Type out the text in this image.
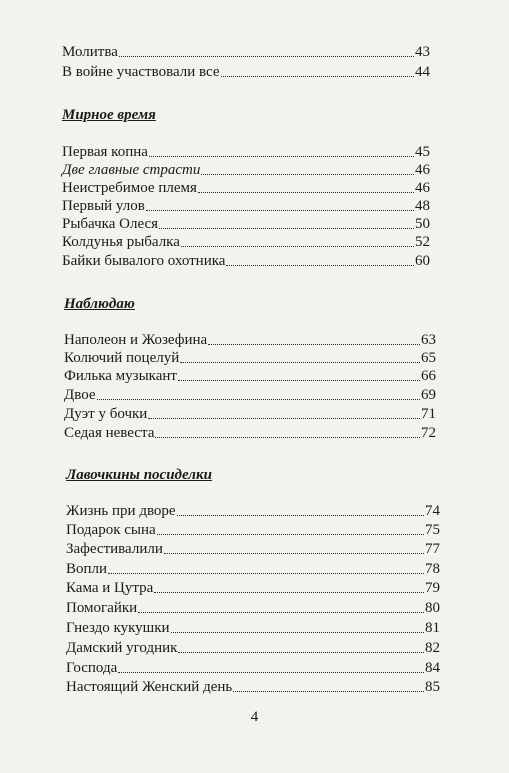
Молитва	43
В войне участвовали все	44
Мирное время
Первая копна	45
Две главные страсти	46
Неистребимое племя	46
Первый улов	48
Рыбачка Олеся	50
Колдунья рыбалка	52
Байки бывалого охотника	60
Наблюдаю
Наполеон и Жозефина	63
Колючий поцелуй	65
Филька музыкант	66
Двое	69
Дуэт у бочки	71
Седая невеста	72
Лавочкины посиделки
Жизнь при дворе	74
Подарок сына	75
Зафестивалили	77
Вопли	78
Кама и Цутра	79
Помогайки	80
Гнездо кукушки	81
Дамский угодник	82
Господа	84
Настоящий Женский день	85
4
